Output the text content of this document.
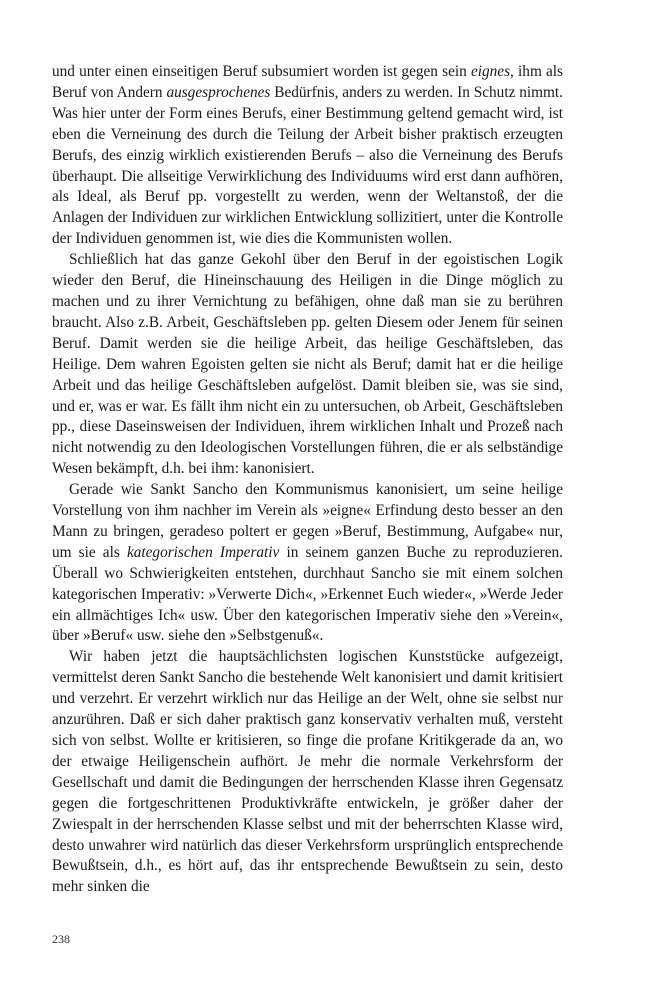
und unter einen einseitigen Beruf subsumiert worden ist gegen sein eignes, ihm als Beruf von Andern ausgesprochenes Bedürfnis, anders zu werden. In Schutz nimmt. Was hier unter der Form eines Berufs, einer Bestimmung geltend gemacht wird, ist eben die Verneinung des durch die Teilung der Arbeit bisher praktisch erzeugten Berufs, des einzig wirklich existierenden Berufs – also die Verneinung des Berufs überhaupt. Die allseitige Verwirklichung des Individuums wird erst dann aufhören, als Ideal, als Beruf pp. vorgestellt zu werden, wenn der Weltanstoß, der die Anlagen der Individuen zur wirklichen Entwicklung sollizitiert, unter die Kontrolle der Individuen genommen ist, wie dies die Kommunisten wollen.

Schließlich hat das ganze Gekohl über den Beruf in der egoistischen Logik wieder den Beruf, die Hineinschauung des Heiligen in die Dinge möglich zu machen und zu ihrer Vernichtung zu befähigen, ohne daß man sie zu berühren braucht. Also z.B. Arbeit, Geschäftsleben pp. gelten Diesem oder Jenem für seinen Beruf. Damit werden sie die heilige Arbeit, das heilige Geschäftsleben, das Heilige. Dem wahren Egoisten gelten sie nicht als Beruf; damit hat er die heilige Arbeit und das heilige Geschäftsleben aufgelöst. Damit bleiben sie, was sie sind, und er, was er war. Es fällt ihm nicht ein zu untersuchen, ob Arbeit, Geschäftsleben pp., diese Daseinsweisen der Individuen, ihrem wirklichen Inhalt und Prozeß nach nicht notwendig zu den Ideologischen Vorstellungen führen, die er als selbständige Wesen bekämpft, d.h. bei ihm: kanonisiert.

Gerade wie Sankt Sancho den Kommunismus kanonisiert, um seine heilige Vorstellung von ihm nachher im Verein als »eigne« Erfindung desto besser an den Mann zu bringen, geradeso poltert er gegen »Beruf, Bestimmung, Aufgabe« nur, um sie als kategorischen Imperativ in seinem ganzen Buche zu reproduzieren. Überall wo Schwierigkeiten entstehen, durchhaut Sancho sie mit einem solchen kategorischen Imperativ: »Verwerte Dich«, »Erkennet Euch wieder«, »Werde Jeder ein allmächtiges Ich« usw. Über den kategorischen Imperativ siehe den »Verein«, über »Beruf« usw. siehe den »Selbstgenuß«.

Wir haben jetzt die hauptsächlichsten logischen Kunststücke aufgezeigt, vermittelst deren Sankt Sancho die bestehende Welt kanonisiert und damit kritisiert und verzehrt. Er verzehrt wirklich nur das Heilige an der Welt, ohne sie selbst nur anzurühren. Daß er sich daher praktisch ganz konservativ verhalten muß, versteht sich von selbst. Wollte er kritisieren, so finge die profane Kritikgerade da an, wo der etwaige Heiligenschein aufhört. Je mehr die normale Verkehrsform der Gesellschaft und damit die Bedingungen der herrschenden Klasse ihren Gegensatz gegen die fortgeschrittenen Produktivkräfte entwickeln, je größer daher der Zwiespalt in der herrschenden Klasse selbst und mit der beherrschten Klasse wird, desto unwahrer wird natürlich das dieser Verkehrsform ursprünglich entsprechende Bewußtsein, d.h., es hört auf, das ihr entsprechende Bewußtsein zu sein, desto mehr sinken die

238
